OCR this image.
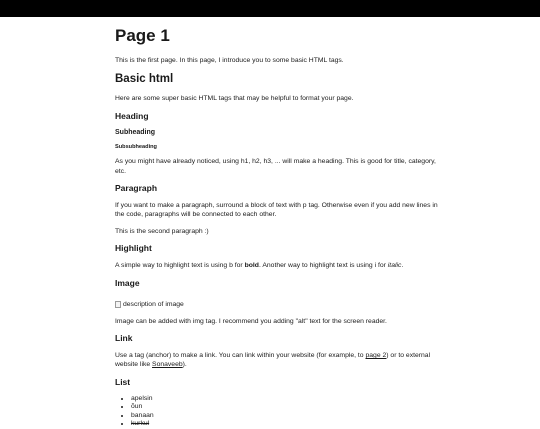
Page 1

This is the first page. In this page, I introduce you to some basic HTML tags.

Basic html

Here are some super basic HTML tags that may be helpful to format your page.

Heading
Subheading
Subsubheading

As you might have already noticed, using h1, h2, h3, ... will make a heading. This is good for title, category, etc.

Paragraph

If you want to make a paragraph, surround a block of text with p tag. Otherwise even if you add new lines in the code, paragraphs will be connected to each other.

This is the second paragraph :)

Highlight

A simple way to highlight text is using b for bold. Another way to highlight text is using i for italic.

Image
description of image

Image can be added with img tag. I recommend you adding "alt" text for the screen reader.

Link

Use a tag (anchor) to make a link. You can link within your website (for example, to page 2) or to external website like Sonaveeb).

List
• apelsin
• õun
• banaan
• kurkul
